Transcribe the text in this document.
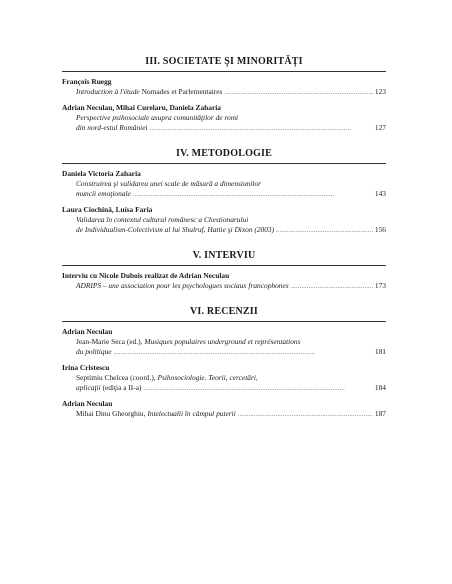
III. SOCIETATE ŞI MINORITĂŢI
François Ruegg
Introduction à l'étude Nomades et Parlementaires . . .	123
Adrian Neculau, Mihai Curelaru, Daniela Zaharia
Perspective psihosociale asupra comunităţilor de romi
din nord-estul României . . .	127
IV. METODOLOGIE
Daniela Victoria Zaharia
Construirea şi validarea unei scale de măsură a dimensiunilor
muncii emoţionale . . .	143
Laura Ciochină, Luísa Faria
Validarea în contextul cultural românesc a Chestionarului
de Individualism-Colectivism al lui Shulruf, Hattie şi Dixon (2003) . . .	156
V. INTERVIU
Interviu cu Nicole Dubois realizat de Adrian Neculau
ADRIPS – une association pour les psychologues sociaux francophones . . .	173
VI. RECENZII
Adrian Neculau
Jean-Marie Seca (ed.), Musiques populaires underground et représentations
du politique . . .	181
Irina Cristescu
Septimiu Chelcea (coord.), Psihosociologie. Teorii, cercetări,
aplicaţii (ediţia a II-a) . . .	184
Adrian Neculau
Mihai Dinu Gheorghiu, Intelectualii în câmpul puterii . . .	187
